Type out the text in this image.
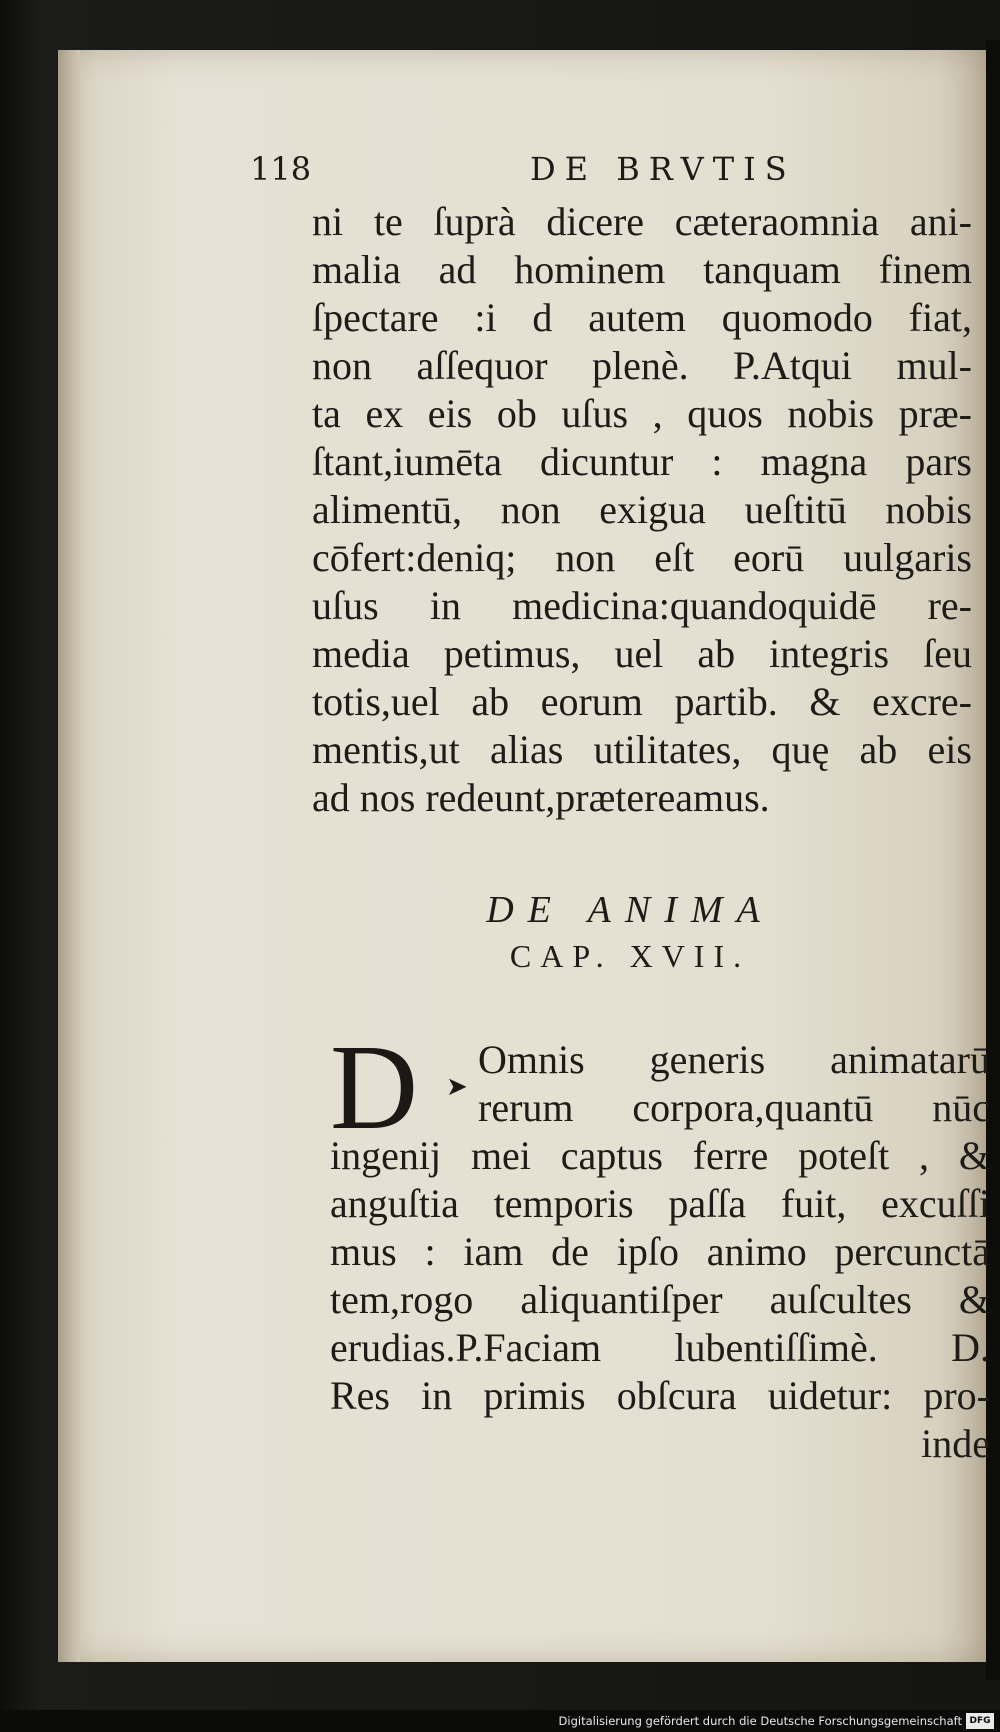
118	DE BRVTIS
ni te ſuprà dicere cæteraomnia ani-
malia ad hominem tanquam finem
ſpectare :i d autem quomodo fiat,
non aſſequor plenè. P.Atqui mul-
ta ex eis ob uſus , quos nobis præ-
ſtant,iumēta dicuntur : magna pars
alimentū, non exigua ueſtitū nobis
cōfert:deniq; non eſt eorū uulgaris
uſus in medicina:quandoquidē re-
media petimus, uel ab integris ſeu
totis,uel ab eorum partib. & excre-
mentis,ut alias utilitates, quę ab eis
ad nos redeunt,prætereamus.
DE ANIMA
CAP. XVII.
D	➤
Omnis generis animatarū
rerum corpora,quantū nūc
ingenij mei captus ferre poteſt , &
anguſtia temporis paſſa fuit, excuſſi
mus : iam de ipſo animo percunctā
tem,rogo aliquantiſper auſcultes &
erudias.P.Faciam lubentiſſimè. D.
Res in primis obſcura uidetur: pro-
inde
Digitalisierung gefördert durch die Deutsche Forschungsgemeinschaft DFG
